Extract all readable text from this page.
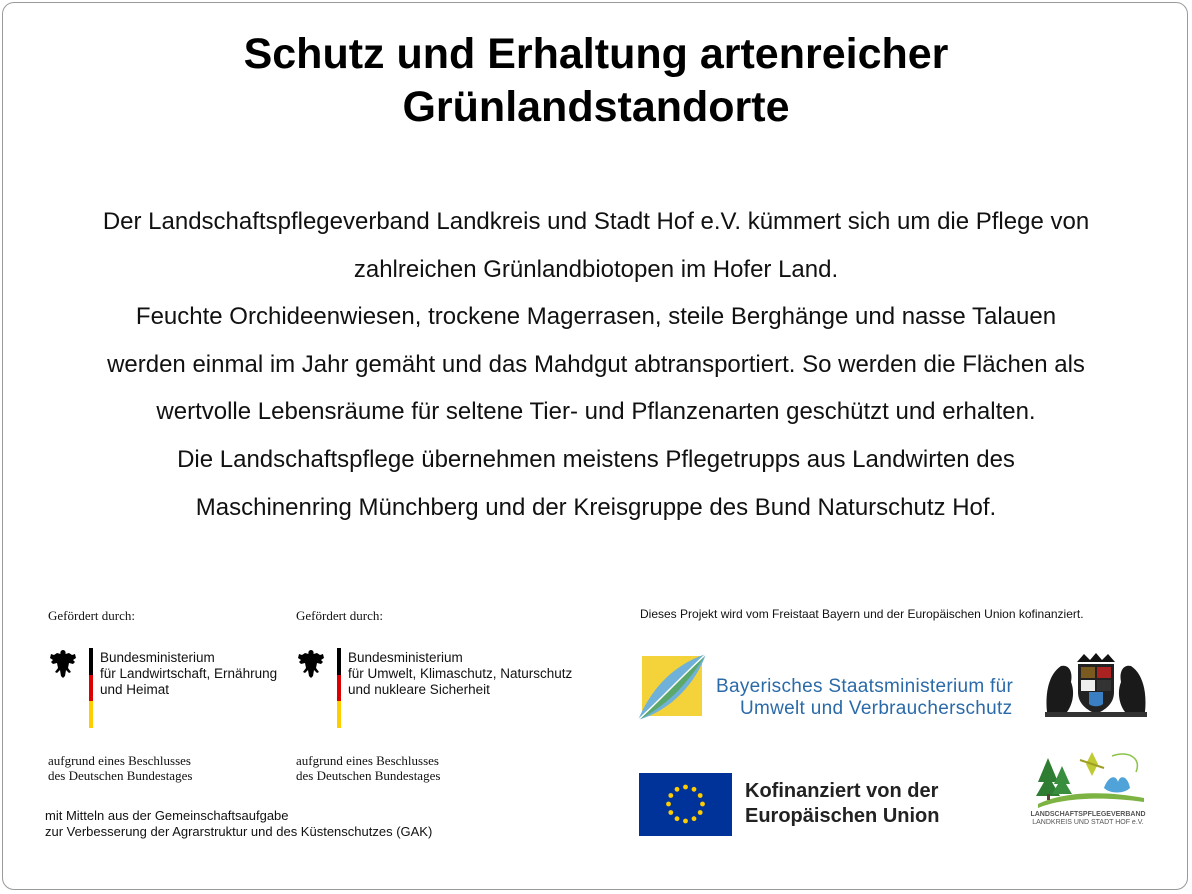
Schutz und Erhaltung artenreicher
Grünlandstandorte
Der Landschaftspflegeverband Landkreis und Stadt Hof e.V. kümmert sich um die Pflege von
zahlreichen Grünlandbiotopen im Hofer Land.
Feuchte Orchideenwiesen, trockene Magerrasen, steile Berghänge und nasse Talauen
werden einmal im Jahr gemäht und das Mahdgut abtransportiert. So werden die Flächen als
wertvolle Lebensräume für seltene Tier- und Pflanzenarten geschützt und erhalten.
Die Landschaftspflege übernehmen meistens Pflegetrupps aus Landwirten des
Maschinenring Münchberg und der Kreisgruppe des Bund Naturschutz Hof.
Gefördert durch:
Bundesministerium
für Landwirtschaft, Ernährung
und Heimat
aufgrund eines Beschlusses
des Deutschen Bundestages
Gefördert durch:
Bundesministerium
für Umwelt, Klimaschutz, Naturschutz
und nukleare Sicherheit
aufgrund eines Beschlusses
des Deutschen Bundestages
mit Mitteln aus der Gemeinschaftsaufgabe
zur Verbesserung der Agrarstruktur und des Küstenschutzes (GAK)
Dieses Projekt wird vom Freistaat Bayern und der Europäischen Union kofinanziert.
Bayerisches Staatsministerium für
Umwelt und Verbraucherschutz
Kofinanziert von der
Europäischen Union	LANDSCHAFTSPFLEGEVERBAND
LANDKREIS UND STADT HOF e.V.
